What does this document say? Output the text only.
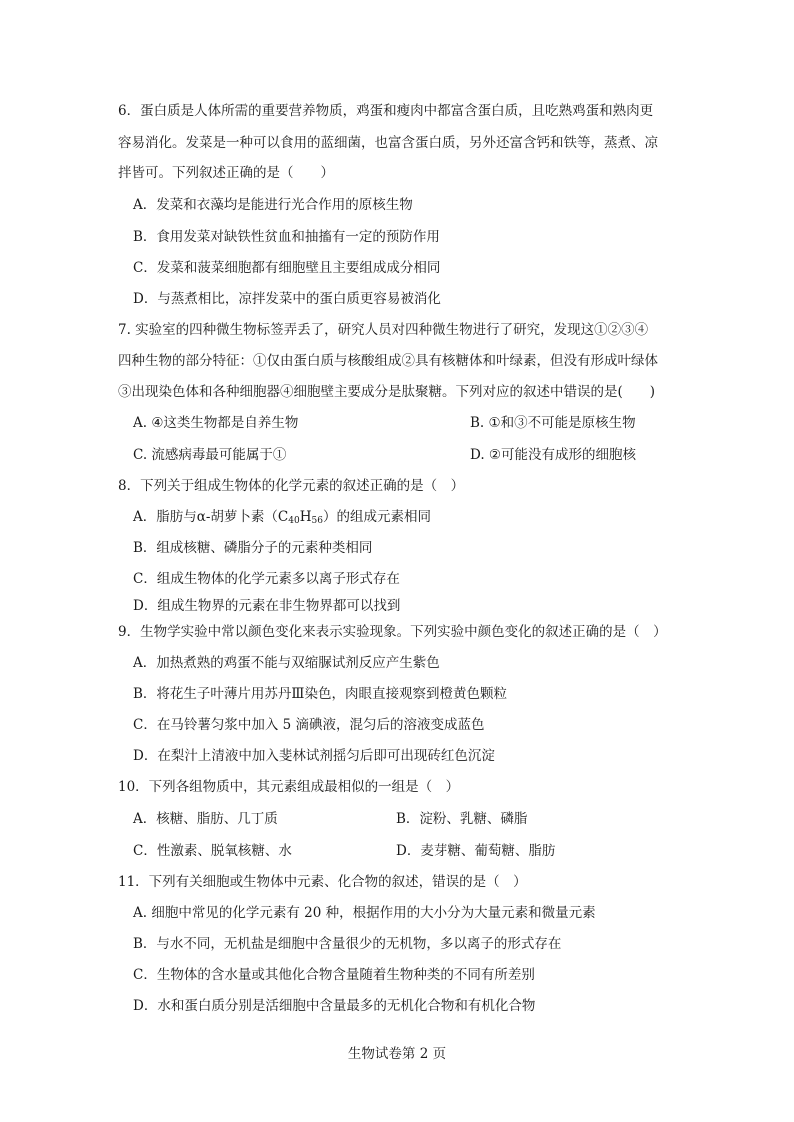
6．蛋白质是人体所需的重要营养物质，鸡蛋和瘦肉中都富含蛋白质，且吃熟鸡蛋和熟肉更
容易消化。发菜是一种可以食用的蓝细菌，也富含蛋白质，另外还富含钙和铁等，蒸煮、凉
拌皆可。下列叙述正确的是（　　）
A．发菜和衣藻均是能进行光合作用的原核生物
B．食用发菜对缺铁性贫血和抽搐有一定的预防作用
C．发菜和菠菜细胞都有细胞壁且主要组成成分相同
D．与蒸煮相比，凉拌发菜中的蛋白质更容易被消化
7. 实验室的四种微生物标签弄丢了，研究人员对四种微生物进行了研究，发现这①②③④
四种生物的部分特征：①仅由蛋白质与核酸组成②具有核糖体和叶绿素，但没有形成叶绿体
③出现染色体和各种细胞器④细胞壁主要成分是肽聚糖。下列对应的叙述中错误的是(　　)
A. ④这类生物都是自养生物	B. ①和③不可能是原核生物
C. 流感病毒最可能属于①	D. ②可能没有成形的细胞核
8．下列关于组成生物体的化学元素的叙述正确的是（　）
A．脂肪与α-胡萝卜素$(C_{40}H_{56})$的组成元素相同
B．组成核糖、磷脂分子的元素种类相同
C．组成生物体的化学元素多以离子形式存在
D．组成生物界的元素在非生物界都可以找到
9．生物学实验中常以颜色变化来表示实验现象。下列实验中颜色变化的叙述正确的是（　）
A．加热煮熟的鸡蛋不能与双缩脲试剂反应产生紫色
B．将花生子叶薄片用苏丹Ⅲ染色，肉眼直接观察到橙黄色颗粒
C．在马铃薯匀浆中加入 5 滴碘液，混匀后的溶液变成蓝色
D．在梨汁上清液中加入斐林试剂摇匀后即可出现砖红色沉淀
10．下列各组物质中，其元素组成最相似的一组是（　）
A．核糖、脂肪、几丁质	B．淀粉、乳糖、磷脂
C．性激素、脱氧核糖、水	D．麦芽糖、葡萄糖、脂肪
11．下列有关细胞或生物体中元素、化合物的叙述，错误的是（　）
A. 细胞中常见的化学元素有 20 种，根据作用的大小分为大量元素和微量元素
B．与水不同，无机盐是细胞中含量很少的无机物，多以离子的形式存在
C．生物体的含水量或其他化合物含量随着生物种类的不同有所差别
D．水和蛋白质分别是活细胞中含量最多的无机化合物和有机化合物
生物试卷第 2 页
